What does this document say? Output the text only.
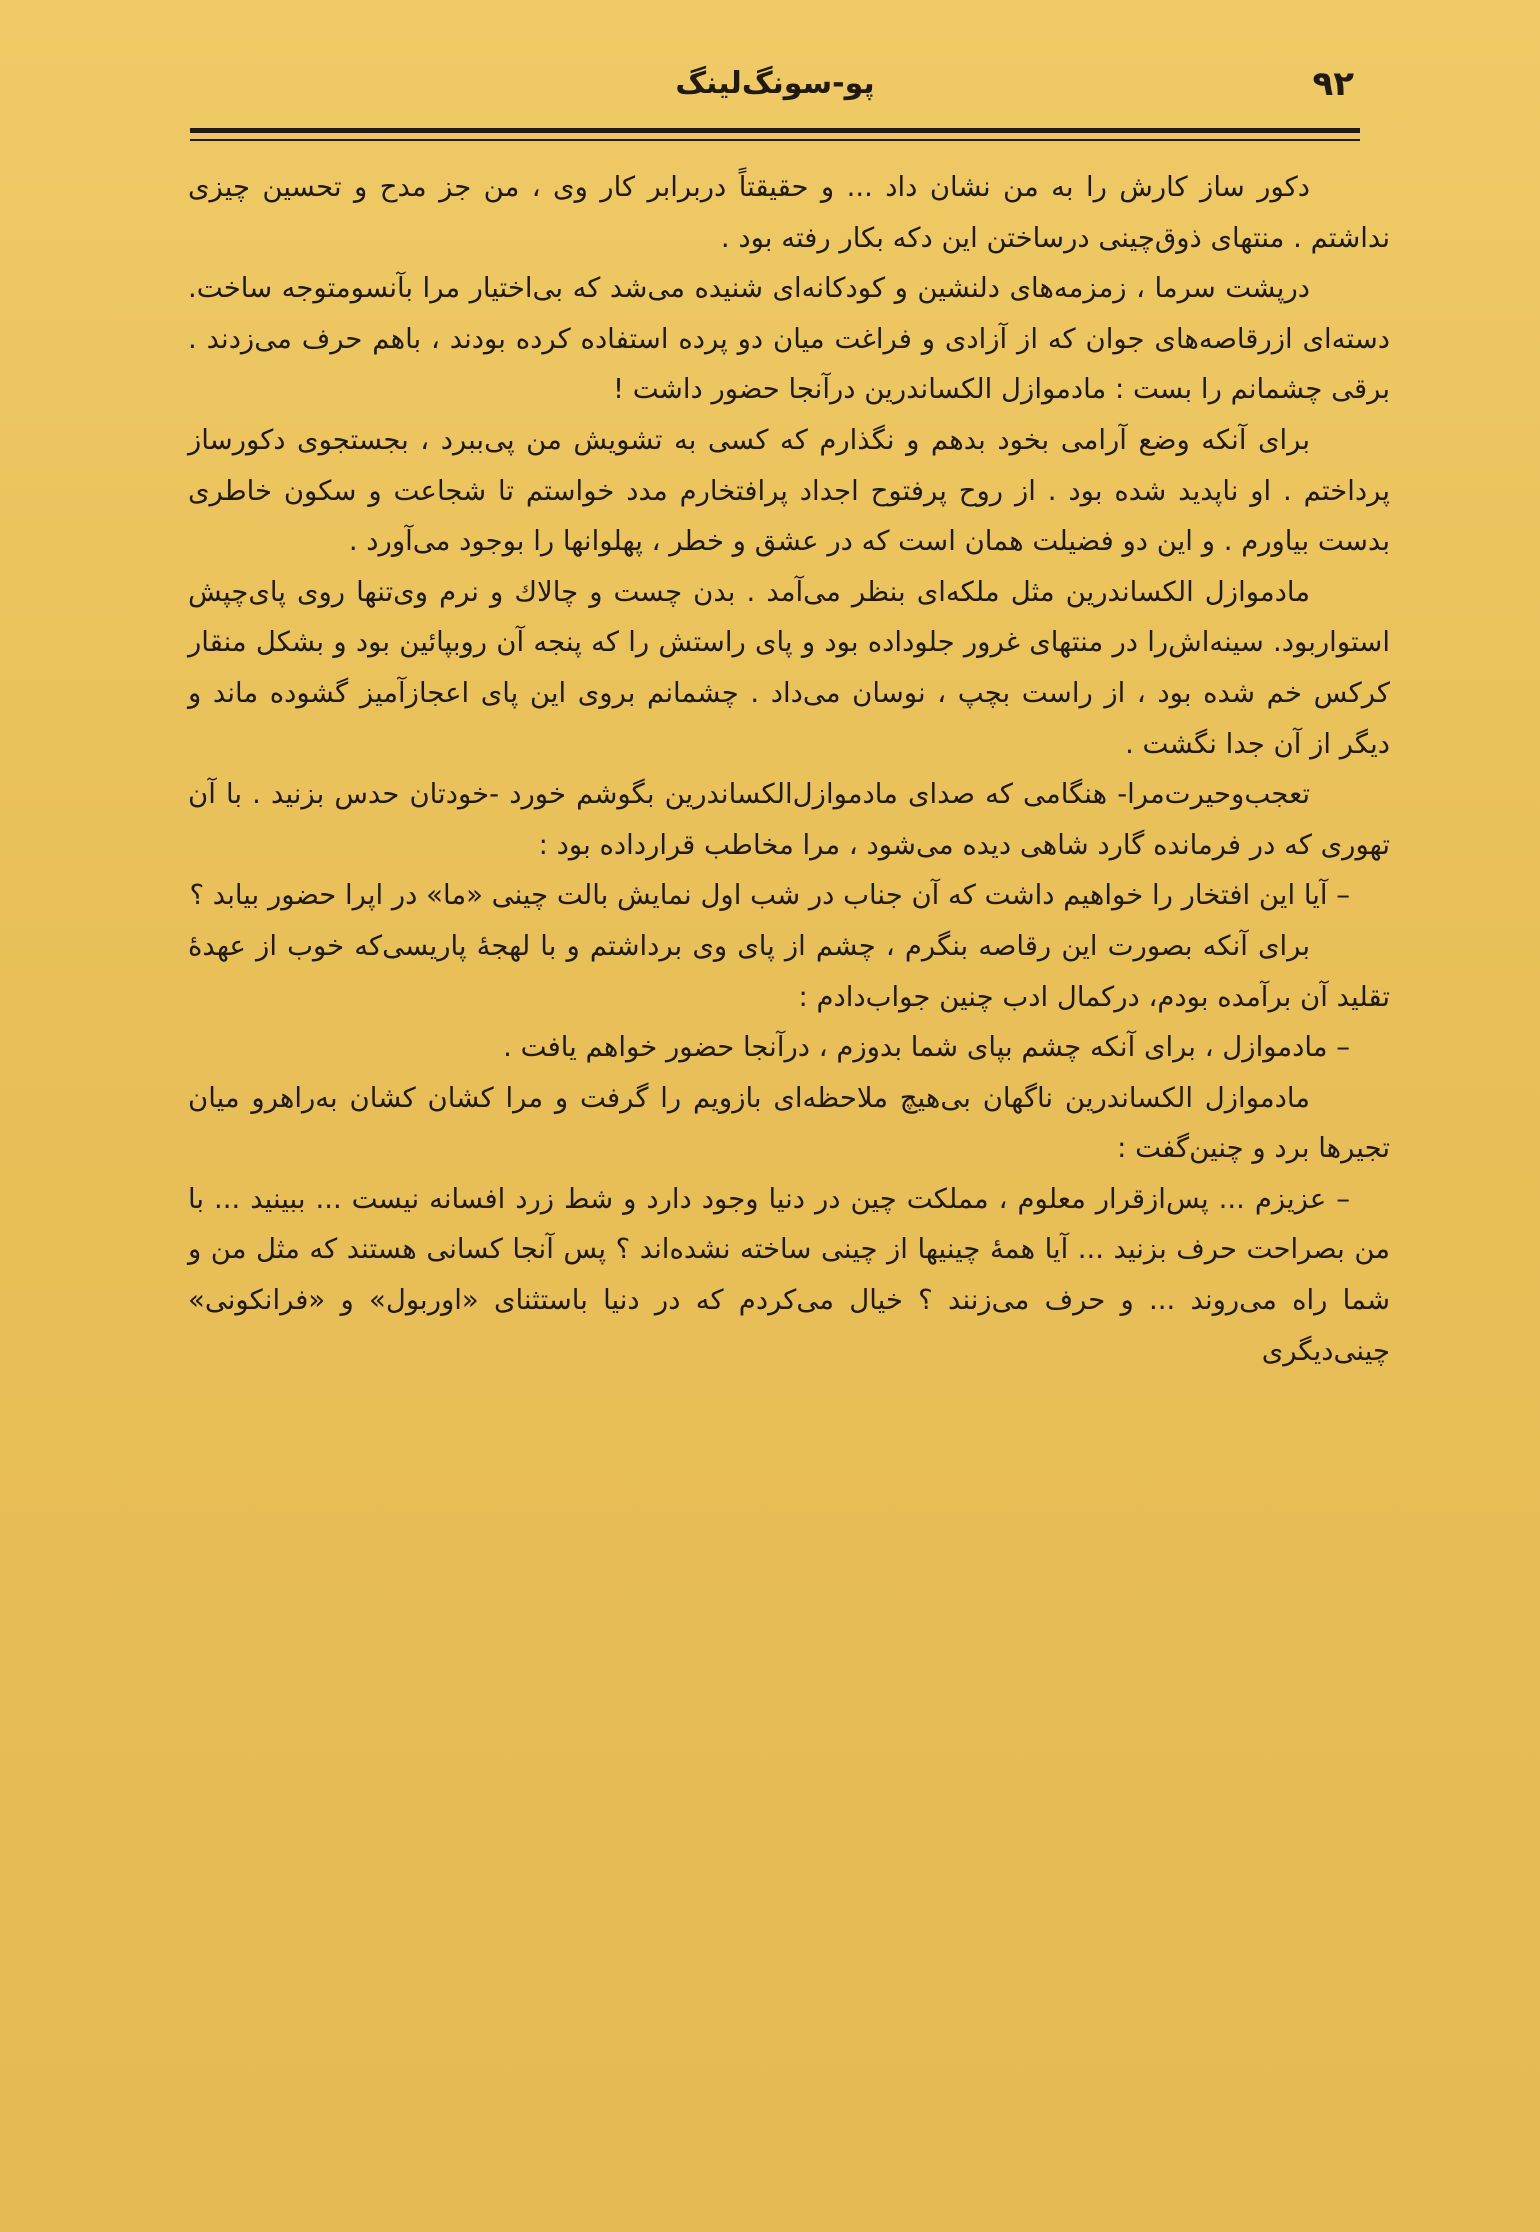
پو-سونگ‌لینگ	۹۲

دکور ساز کارش را به من نشان داد ... و حقیقتاً دربرابر کار وی ، من جز مدح و تحسین چیزی نداشتم . منتهای ذوق‌چینی درساختن این دکه بکار رفته بود .

درپشت سرما ، زمزمه‌های دلنشین و کودکانه‌ای شنیده می‌شد که بی‌اختیار مرا بآنسومتوجه ساخت. دسته‌ای ازرقاصه‌های جوان که از آزادی و فراغت میان دو پرده استفاده کرده بودند ، باهم حرف می‌زدند . برقی چشمانم را بست : مادموازل الکساندرین درآنجا حضور داشت !

برای آنکه وضع آرامی بخود بدهم و نگذارم که کسی به تشویش من پی‌ببرد ، بجستجوی دکورساز پرداختم . او ناپدید شده بود . از روح پرفتوح اجداد پرافتخارم مدد خواستم تا شجاعت و سکون خاطری بدست بیاورم . و این دو فضیلت همان است که در عشق و خطر ، پهلوانها را بوجود می‌آورد .

مادموازل الکساندرین مثل ملکه‌ای بنظر می‌آمد . بدن چست و چالاك و نرم وی‌تنها روی پای‌چپش استواربود. سینه‌اش‌را در منتهای غرور جلوداده بود و پای راستش را که پنجه آن روبپائین بود و بشکل منقار کرکس خم شده بود ، از راست بچپ ، نوسان می‌داد . چشمانم بروی این پای اعجازآمیز گشوده ماند و دیگر از آن جدا نگشت .

تعجب‌وحیرت‌مرا- هنگامی که صدای مادموازل‌الکساندرین بگوشم خورد -خودتان حدس بزنید . با آن تهوری که در فرمانده گارد شاهی دیده می‌شود ، مرا مخاطب قرارداده بود :

– آیا این افتخار را خواهیم داشت که آن جناب در شب اول نمایش بالت چینی «ما» در اپرا حضور بیابد ؟

برای آنکه بصورت این رقاصه بنگرم ، چشم از پای وی برداشتم و با لهجهٔ پاریسی‌که خوب از عهدهٔ تقلید آن برآمده بودم، درکمال ادب چنین جواب‌دادم :

– مادموازل ، برای آنکه چشم بپای شما بدوزم ، درآنجا حضور خواهم یافت .

مادموازل الکساندرین ناگهان بی‌هیچ ملاحظه‌ای بازویم را گرفت و مرا کشان کشان به‌راهرو میان تجیرها برد و چنین‌گفت :

– عزیزم ... پس‌ازقرار معلوم ، مملکت چین در دنیا وجود دارد و شط زرد افسانه نیست ... ببینید ... با من بصراحت حرف بزنید ... آیا همهٔ چینیها از چینی ساخته نشده‌اند ؟ پس آنجا کسانی هستند که مثل من و شما راه می‌روند ... و حرف می‌زنند ؟ خیال می‌کردم که در دنیا باستثنای «اوربول» و «فرانکونی» چینی‌دیگری
